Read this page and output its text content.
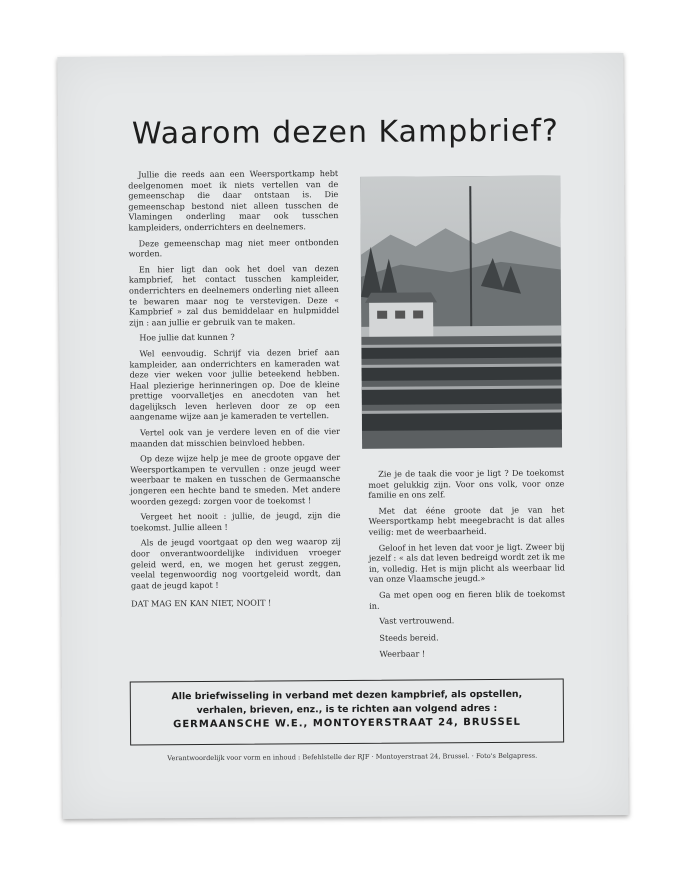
Waarom dezen Kampbrief?

Jullie die reeds aan een Weersportkamp hebt deelgenomen moet ik niets vertellen van de gemeenschap die daar ontstaan is. Die gemeenschap bestond niet alleen tusschen de Vlamingen onderling maar ook tusschen kampleiders, onderrichters en deelnemers.

Deze gemeenschap mag niet meer ontbonden worden.

En hier ligt dan ook het doel van dezen kampbrief, het contact tusschen kampleider, onderrichters en deelnemers onderling niet alleen te bewaren maar nog te verstevigen. Deze « Kampbrief » zal dus bemiddelaar en hulpmiddel zijn : aan jullie er gebruik van te maken.

Hoe jullie dat kunnen ?

Wel eenvoudig. Schrijf via dezen brief aan kampleider, aan onderrichters en kameraden wat deze vier weken voor jullie beteekend hebben. Haal plezierige herinneringen op. Doe de kleine prettige voorvalletjes en anecdoten van het dagelijksch leven herleven door ze op een aangename wijze aan je kameraden te vertellen.

Vertel ook van je verdere leven en of die vier maanden dat misschien beinvloed hebben.

Op deze wijze help je mee de groote opgave der Weersportkampen te vervullen : onze jeugd weer weerbaar te maken en tusschen de Germaansche jongeren een hechte band te smeden. Met andere woorden gezegd: zorgen voor de toekomst !

Vergeet het nooit : jullie, de jeugd, zijn die toekomst. Jullie alleen !

Als de jeugd voortgaat op den weg waarop zij door onverantwoordelijke individuen vroeger geleid werd, en, we mogen het gerust zeggen, veelal tegenwoordig nog voortgeleid wordt, dan gaat de jeugd kapot !

DAT MAG EN KAN NIET, NOOIT !

Zie je de taak die voor je ligt ? De toekomst moet gelukkig zijn. Voor ons volk, voor onze familie en ons zelf.

Met dat ééne groote dat je van het Weersportkamp hebt meegebracht is dat alles veilig: met de weerbaarheid.

Geloof in het leven dat voor je ligt. Zweer bij jezelf : « als dat leven bedreigd wordt zet ik me in, volledig. Het is mijn plicht als weerbaar lid van onze Vlaamsche jeugd.»

Ga met open oog en fieren blik de toekomst in.

Vast vertrouwend.

Steeds bereid.

Weerbaar !

Alle briefwisseling in verband met dezen kampbrief, als opstellen,
verhalen, brieven, enz., is te richten aan volgend adres :
GERMAANSCHE W.E., MONTOYERSTRAAT 24, BRUSSEL
Verantwoordelijk voor vorm en inhoud : Befehlstelle der RJF · Montoyerstraat 24, Brussel. · Foto's Belgapress.
